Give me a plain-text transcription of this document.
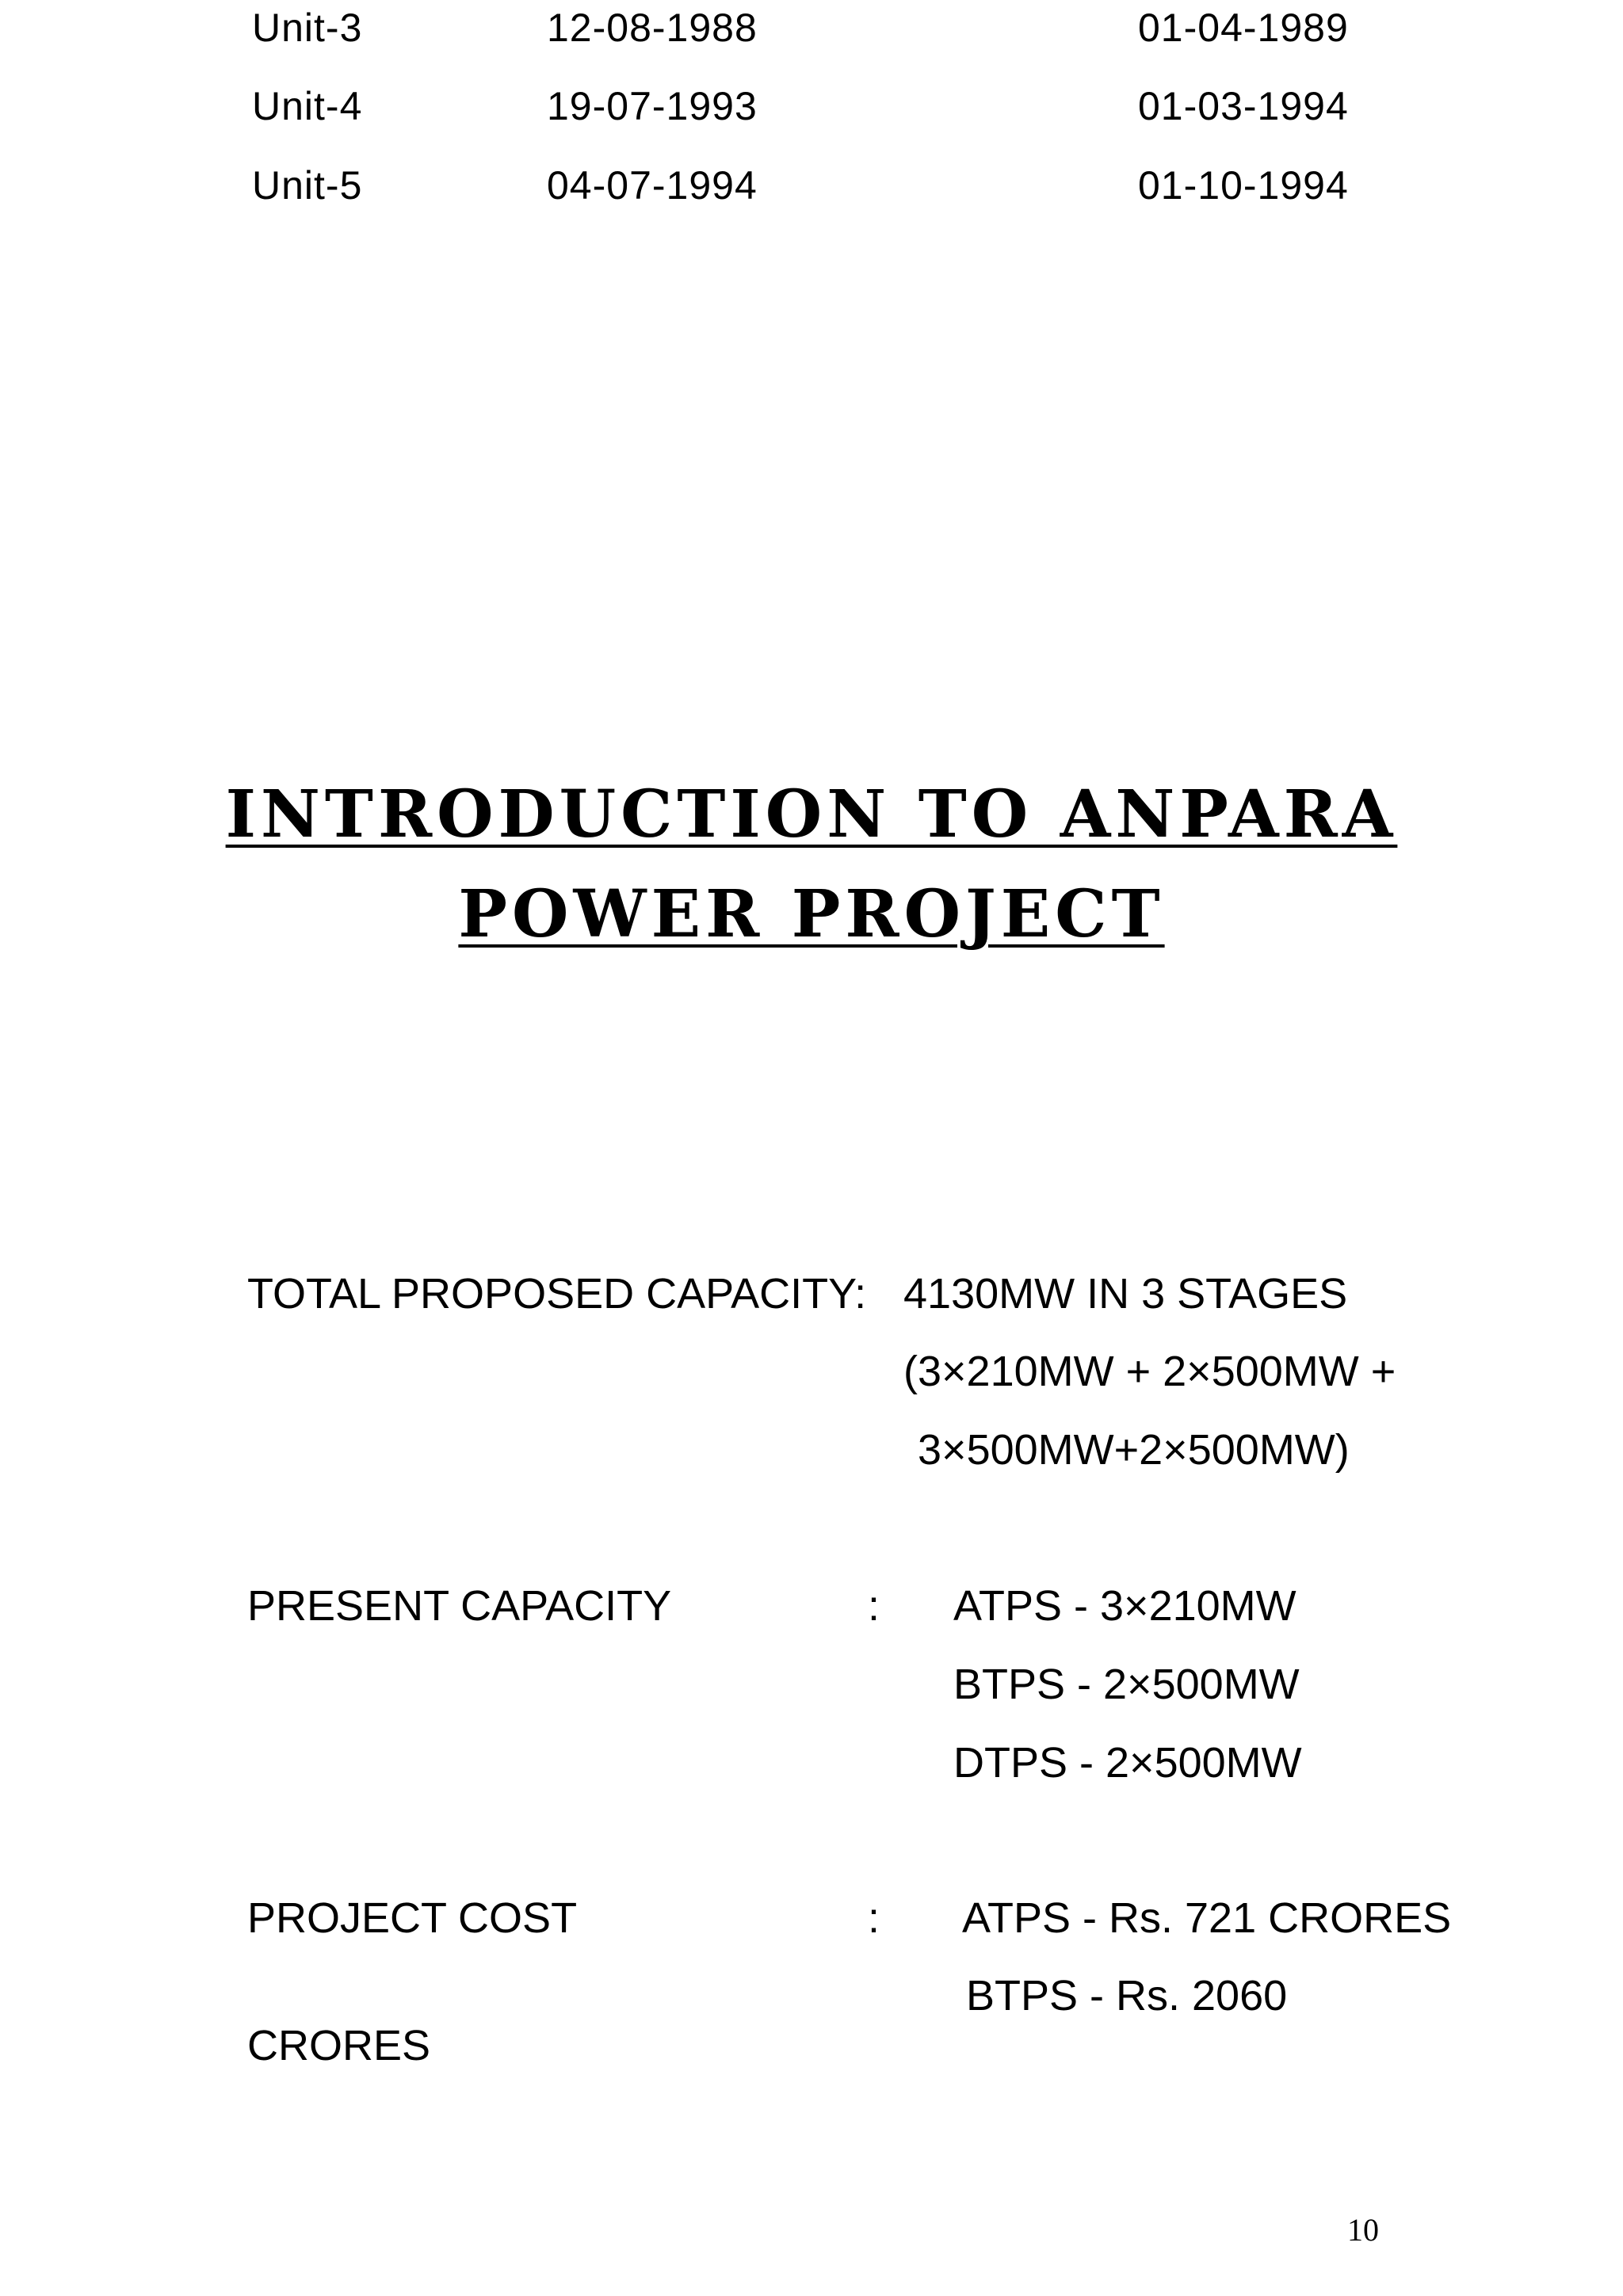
Unit-3	12-08-1988	01-04-1989
Unit-4	19-07-1993	01-03-1994
Unit-5	04-07-1994	01-10-1994
INTRODUCTION TO ANPARA
POWER PROJECT
TOTAL PROPOSED CAPACITY: 4130MW IN 3 STAGES
(3×210MW + 2×500MW +
3×500MW+2×500MW)
PRESENT CAPACITY	: ATPS - 3×210MW
BTPS - 2×500MW
DTPS - 2×500MW
PROJECT COST	: ATPS - Rs. 721 CRORES
BTPS - Rs. 2060
CRORES
10
